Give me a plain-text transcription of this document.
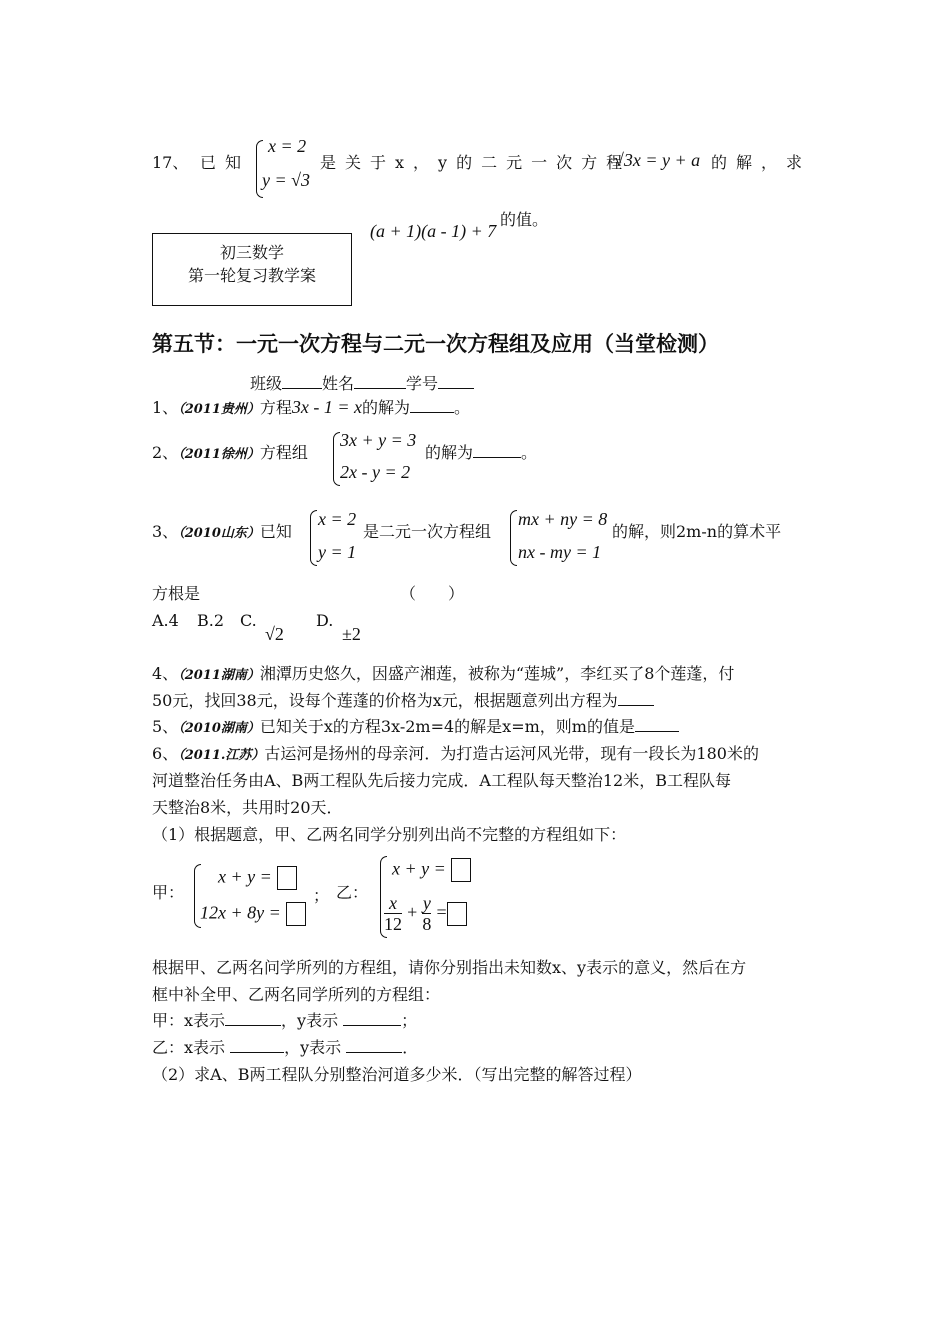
17、 已知
x = 2
y = √3
是关于x，y的二元一次方程
√3x = y + a 的解，求
(a + 1)(a - 1) + 7
的值。
初三数学
第一轮复习教学案
第五节：一元一次方程与二元一次方程组及应用（当堂检测）
班级	姓名	学号
1、（2011贵州）方程3x - 1 = x的解为	。
2、（2011徐州）方程组
3x + y = 3
2x - y = 2
的解为	。
3、（2010山东）已知
x = 2
y = 1
是二元一次方程组
mx + ny = 8
nx - my = 1
的解，则2m-n的算术平
方根是	（　　）
A.4 B.2 C.
√2
D.
±2
4、（2011湖南）湘潭历史悠久，因盛产湘莲，被称为“莲城”，李红买了8个莲蓬，付
50元，找回38元，设每个莲蓬的价格为x元，根据题意列出方程为
5、（2010湖南）已知关于x的方程3x-2m=4的解是x=m，则m的值是
6、（2011.江苏）古运河是扬州的母亲河．为打造古运河风光带，现有一段长为180米的
河道整治任务由A、B两工程队先后接力完成．A工程队每天整治12米，B工程队每
天整治8米，共用时20天．
（1）根据题意，甲、乙两名同学分别列出尚不完整的方程组如下：
甲：
x + y =
12x + 8y =
； 乙：
x + y =
$\frac{x}{12} + \frac{y}{8}$ =
根据甲、乙两名问学所列的方程组，请你分别指出未知数x、y表示的意义，然后在方
框中补全甲、乙两名同学所列的方程组：
甲：x表示	，y表示	；
乙：x表示	，y表示	．
（2）求A、B两工程队分别整治河道多少米．（写出完整的解答过程）
